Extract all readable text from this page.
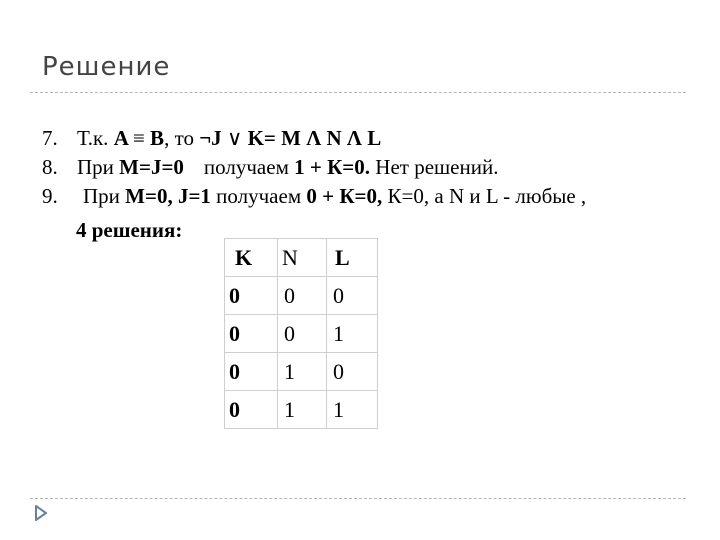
Решение
7. Т.к. A ≡ B, то ¬J ∨ K= M Λ N Λ L
8. При M=J=0 получаем 1 + К=0. Нет решений.
9. При M=0, J=1 получаем 0 + К=0, К=0, а N и L - любые ,
4 решения:
K	N	L
0	0	0
0	0	1
0	1	0
0	1	1
